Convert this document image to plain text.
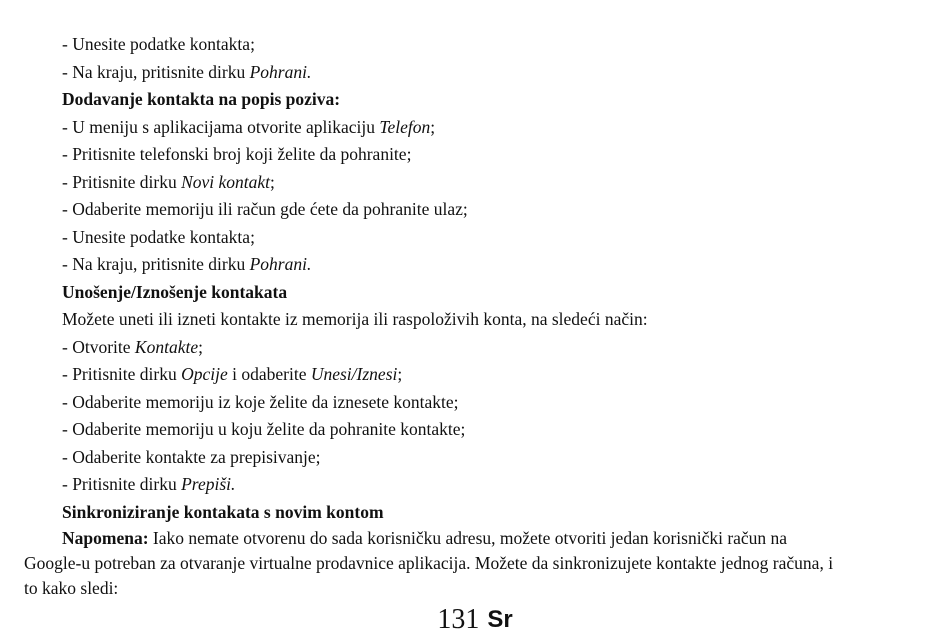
- Unesite podatke kontakta;
- Na kraju, pritisnite dirku Pohrani.
Dodavanje kontakta na popis poziva:
- U meniju s aplikacijama otvorite aplikaciju Telefon;
- Pritisnite telefonski broj koji želite da pohranite;
- Pritisnite dirku Novi kontakt;
- Odaberite memoriju ili račun gde ćete da pohranite ulaz;
- Unesite podatke kontakta;
- Na kraju, pritisnite dirku Pohrani.
Unošenje/Iznošenje kontakata
Možete uneti ili izneti kontakte iz memorija ili raspoloživih konta, na sledeći način:
- Otvorite Kontakte;
- Pritisnite dirku Opcije i odaberite Unesi/Iznesi;
- Odaberite memoriju iz koje želite da iznesete kontakte;
- Odaberite memoriju u koju želite da pohranite kontakte;
- Odaberite kontakte za prepisivanje;
- Pritisnite dirku Prepiši.
Sinkroniziranje kontakata s novim kontom
Napomena: Iako nemate otvorenu do sada korisničku adresu, možete otvoriti jedan korisnički račun na
Google-u potreban za otvaranje virtualne prodavnice aplikacija. Možete da sinkronizujete kontakte jednog računa, i
to kako sledi:
131 Sr
